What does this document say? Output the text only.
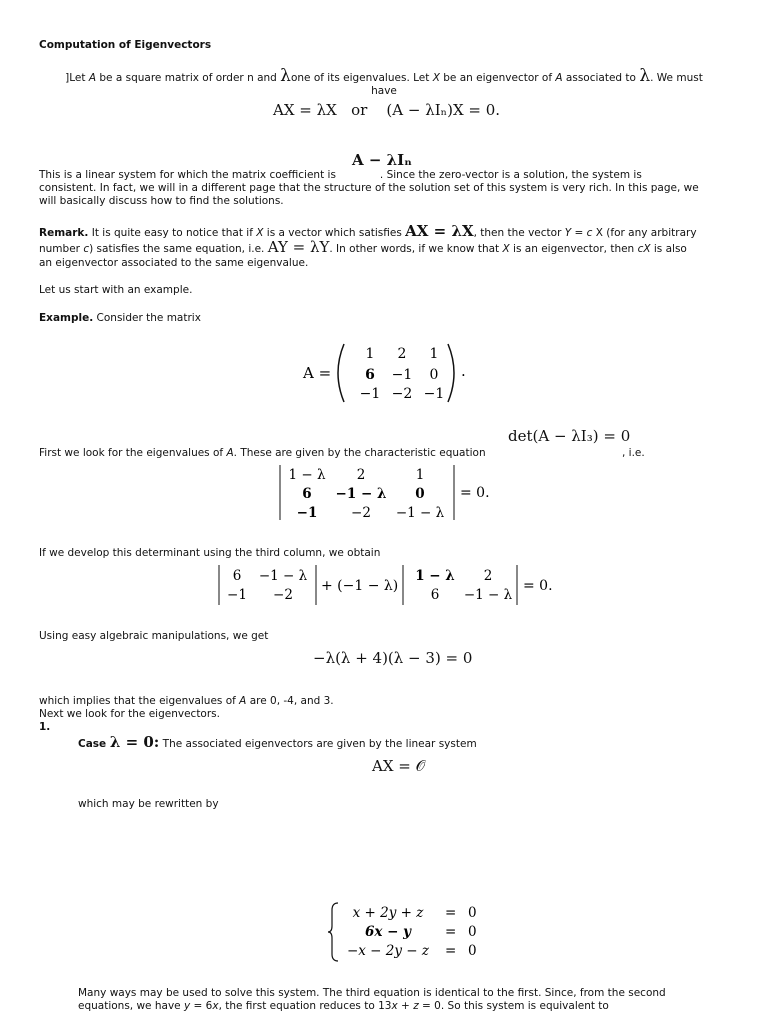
Computation of Eigenvectors
]Let A be a square matrix of order n and λone of its eigenvalues. Let X be an eigenvector of A associated to λ. We must
have
AX = λX or (A − λIₙ)X = 0.
A − λIₙ
This is a linear system for which the matrix coefficient is	. Since the zero-vector is a solution, the system is
consistent. In fact, we will in a different page that the structure of the solution set of this system is very rich. In this page, we
will basically discuss how to find the solutions.
Remark. It is quite easy to notice that if X is a vector which satisfies AX = λX, then the vector Y = c X (for any arbitrary
number c) satisfies the same equation, i.e. AY = λY. In other words, if we know that X is an eigenvector, then cX is also
an eigenvector associated to the same eigenvalue.
Let us start with an example.
Example. Consider the matrix
A =	.
1 2 1
6 −1 0
−1 −2 −1
det(A − λI₃) = 0
First we look for the eigenvalues of A. These are given by the characteristic equation	, i.e.
= 0.
1 − λ 2	1
6 −1 − λ 0
−1 −2 −1 − λ
If we develop this determinant using the third column, we obtain
+ (−1 − λ)	= 0.
6 −1 − λ
−1 −2
1 − λ 2
6 −1 − λ
Using easy algebraic manipulations, we get
−λ(λ + 4)(λ − 3) = 0
which implies that the eigenvalues of A are 0, -4, and 3.
Next we look for the eigenvectors.
1.
Case λ = 0: The associated eigenvectors are given by the linear system
AX = 𝒪
which may be rewritten by
x + 2y + z = 0
6x − y	= 0
−x − 2y − z = 0
Many ways may be used to solve this system. The third equation is identical to the first. Since, from the second
equations, we have y = 6x, the first equation reduces to 13x + z = 0. So this system is equivalent to
